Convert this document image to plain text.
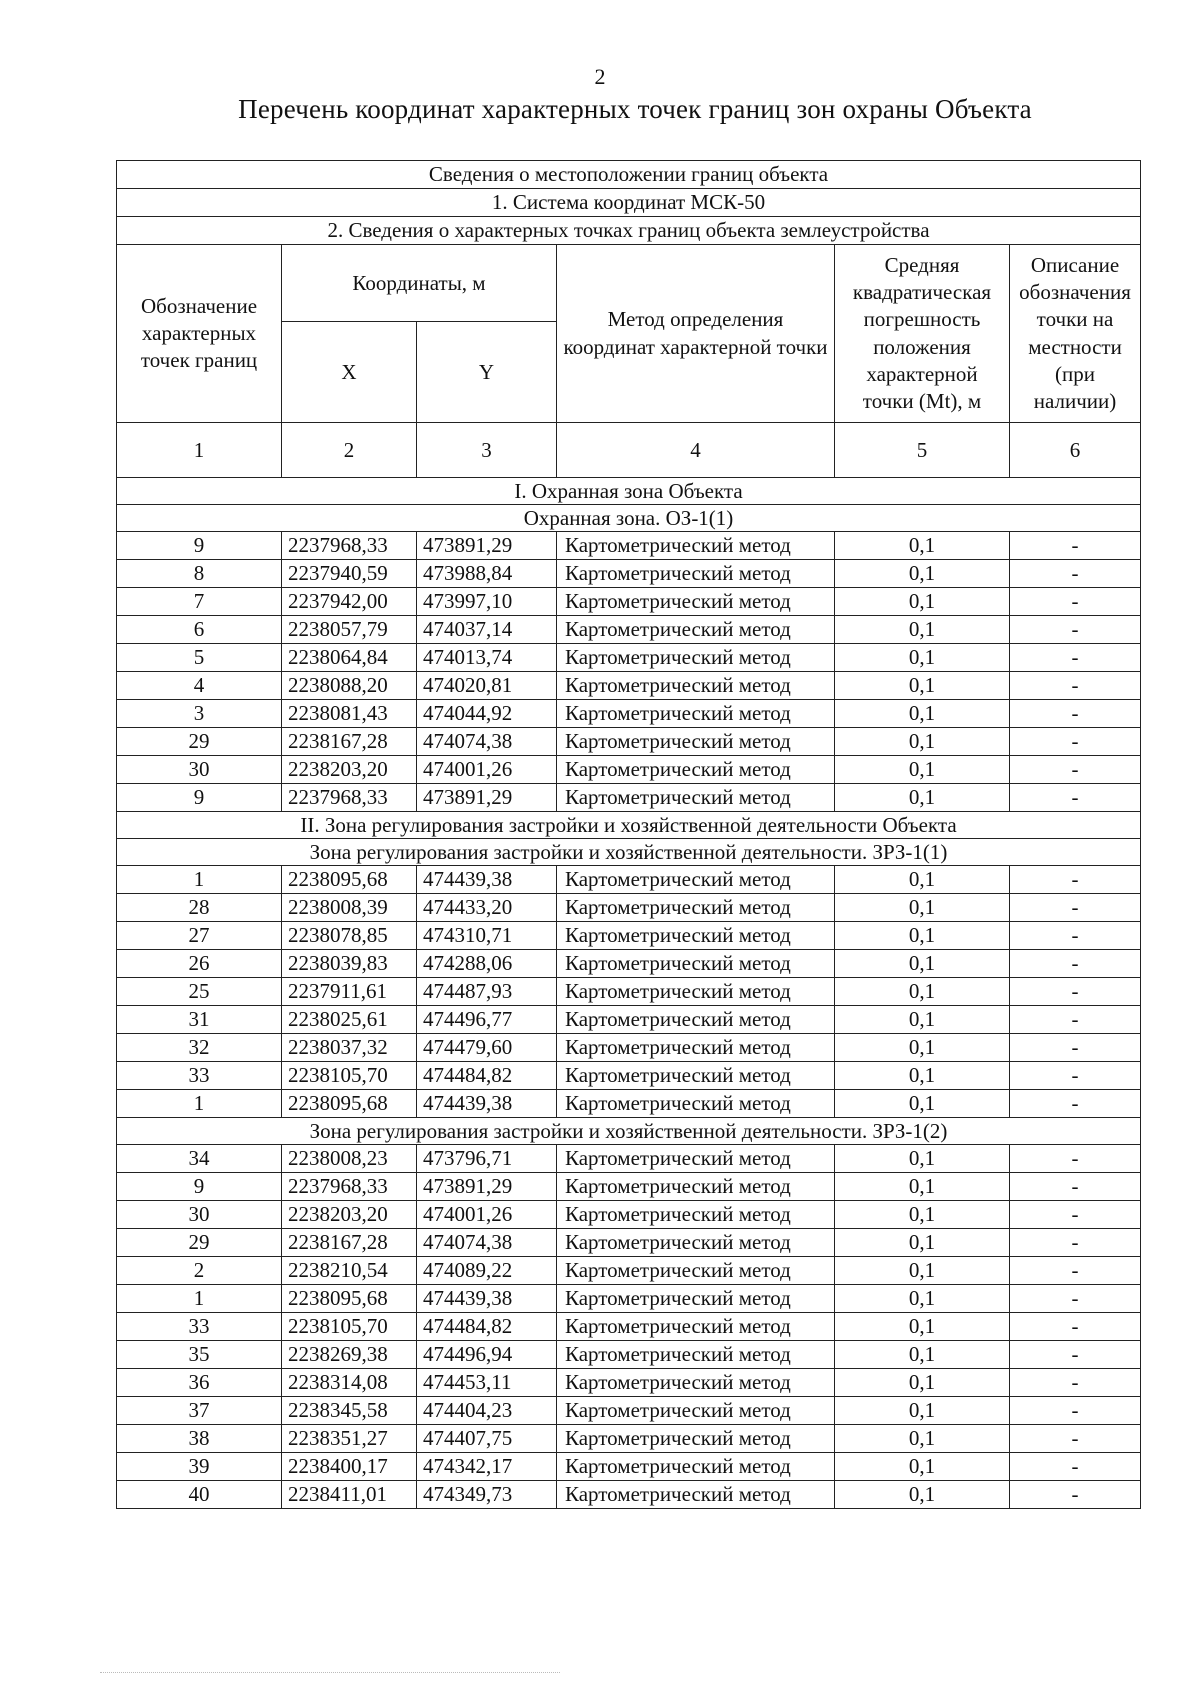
2
Перечень координат характерных точек границ зон охраны Объекта
Сведения о местоположении границ объекта					
1. Система координат МСК-50					
2. Сведения о характерных точках границ объекта землеустройства					
Обозначение характерных точек границ	Координаты, м		Метод определения координат характерной точки	Средняя квадратическая погрешность положения характерной точки (Mt), м	Описание обозначения точки на местности (при наличии)
	X	Y			
1	2	3	4	5	6
I. Охранная зона Объекта					
Охранная зона. ОЗ-1(1)					
9	2237968,33	473891,29	Картометрический метод	0,1	-
8	2237940,59	473988,84	Картометрический метод	0,1	-
7	2237942,00	473997,10	Картометрический метод	0,1	-
6	2238057,79	474037,14	Картометрический метод	0,1	-
5	2238064,84	474013,74	Картометрический метод	0,1	-
4	2238088,20	474020,81	Картометрический метод	0,1	-
3	2238081,43	474044,92	Картометрический метод	0,1	-
29	2238167,28	474074,38	Картометрический метод	0,1	-
30	2238203,20	474001,26	Картометрический метод	0,1	-
9	2237968,33	473891,29	Картометрический метод	0,1	-
II. Зона регулирования застройки и хозяйственной деятельности Объекта					
Зона регулирования застройки и хозяйственной деятельности. ЗРЗ-1(1)					
1	2238095,68	474439,38	Картометрический метод	0,1	-
28	2238008,39	474433,20	Картометрический метод	0,1	-
27	2238078,85	474310,71	Картометрический метод	0,1	-
26	2238039,83	474288,06	Картометрический метод	0,1	-
25	2237911,61	474487,93	Картометрический метод	0,1	-
31	2238025,61	474496,77	Картометрический метод	0,1	-
32	2238037,32	474479,60	Картометрический метод	0,1	-
33	2238105,70	474484,82	Картометрический метод	0,1	-
1	2238095,68	474439,38	Картометрический метод	0,1	-
Зона регулирования застройки и хозяйственной деятельности. ЗРЗ-1(2)					
34	2238008,23	473796,71	Картометрический метод	0,1	-
9	2237968,33	473891,29	Картометрический метод	0,1	-
30	2238203,20	474001,26	Картометрический метод	0,1	-
29	2238167,28	474074,38	Картометрический метод	0,1	-
2	2238210,54	474089,22	Картометрический метод	0,1	-
1	2238095,68	474439,38	Картометрический метод	0,1	-
33	2238105,70	474484,82	Картометрический метод	0,1	-
35	2238269,38	474496,94	Картометрический метод	0,1	-
36	2238314,08	474453,11	Картометрический метод	0,1	-
37	2238345,58	474404,23	Картометрический метод	0,1	-
38	2238351,27	474407,75	Картометрический метод	0,1	-
39	2238400,17	474342,17	Картометрический метод	0,1	-
40	2238411,01	474349,73	Картометрический метод	0,1	-
